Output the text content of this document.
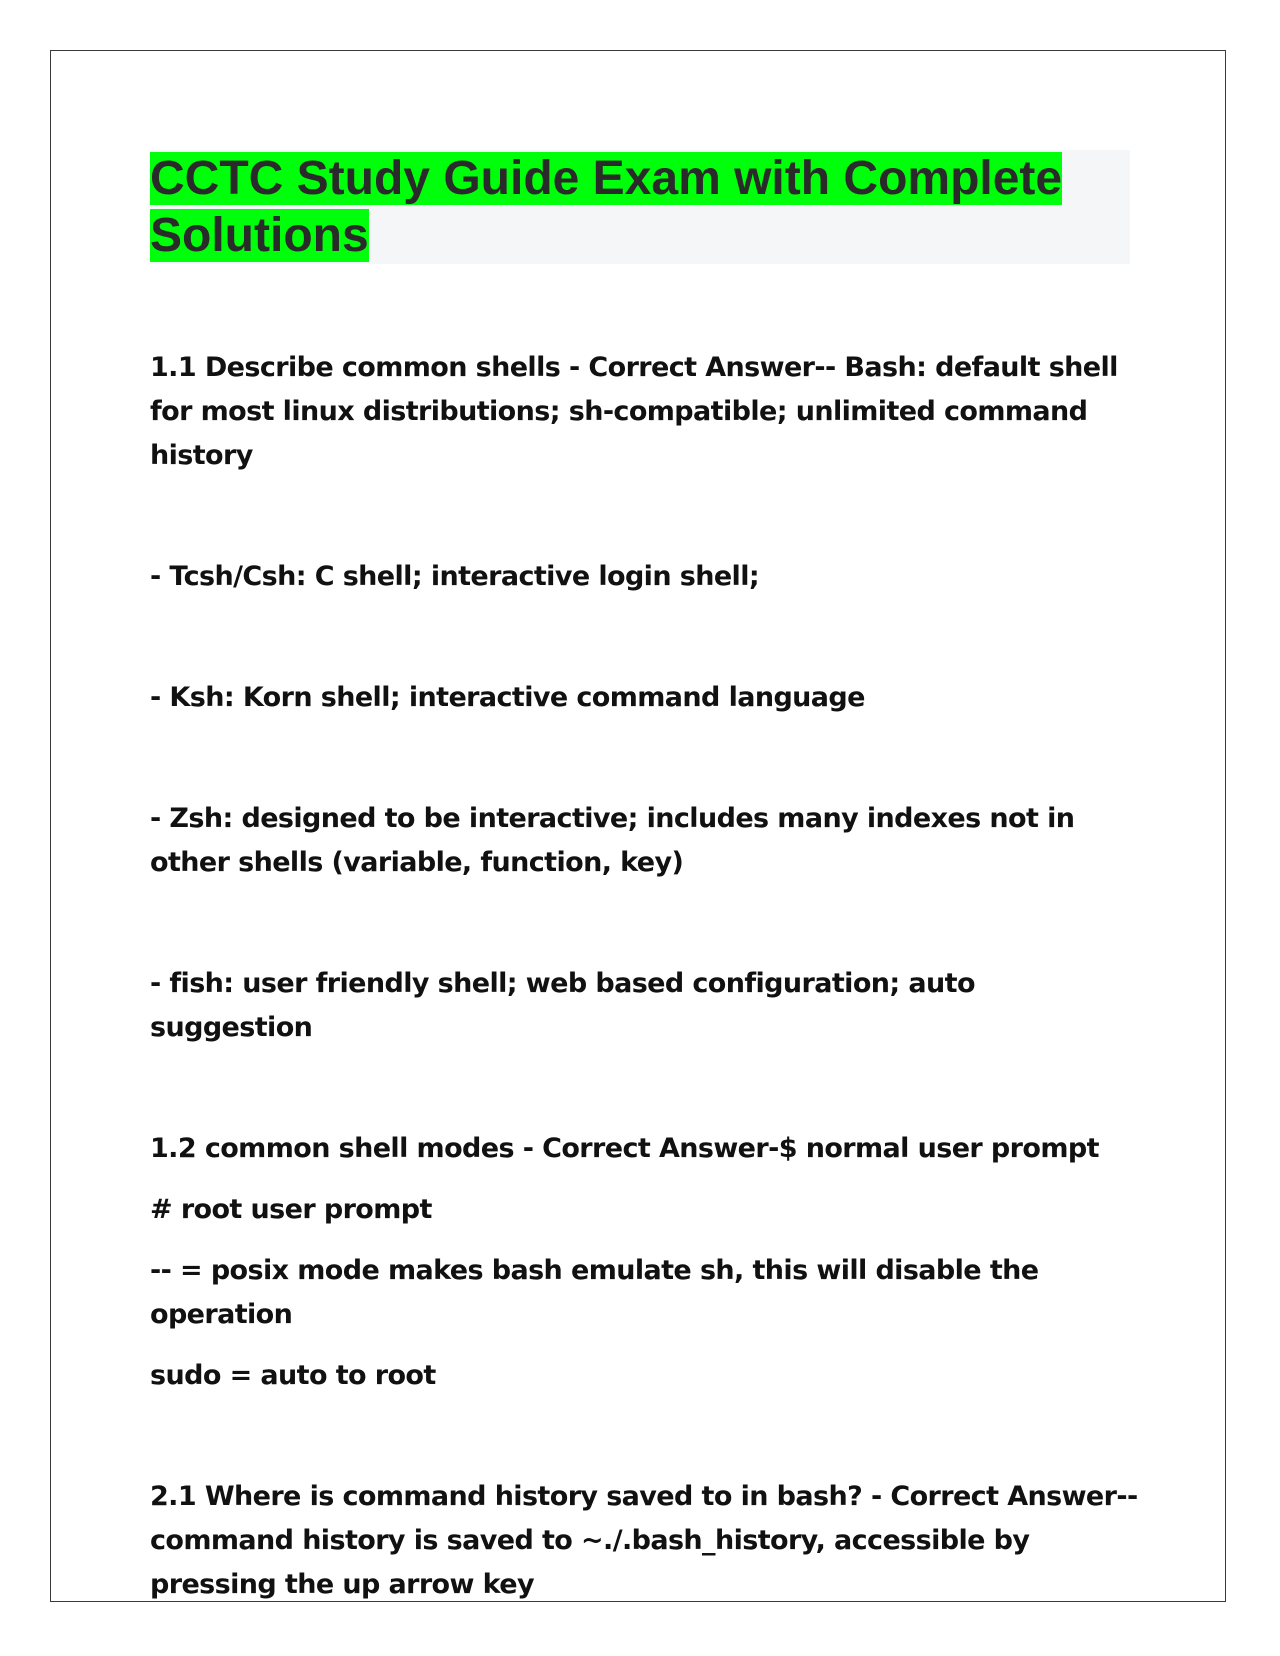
CCTC Study Guide Exam with Complete Solutions

1.1 Describe common shells - Correct Answer-- Bash: default shell for most linux distributions; sh-compatible; unlimited command history

- Tcsh/Csh: C shell; interactive login shell;

- Ksh: Korn shell; interactive command language

- Zsh: designed to be interactive; includes many indexes not in other shells (variable, function, key)

- fish: user friendly shell; web based configuration; auto suggestion

1.2 common shell modes - Correct Answer-$ normal user prompt

# root user prompt

-- = posix mode makes bash emulate sh, this will disable the operation

sudo = auto to root

2.1 Where is command history saved to in bash? - Correct Answer--command history is saved to ~./.bash_history, accessible by pressing the up arrow key
